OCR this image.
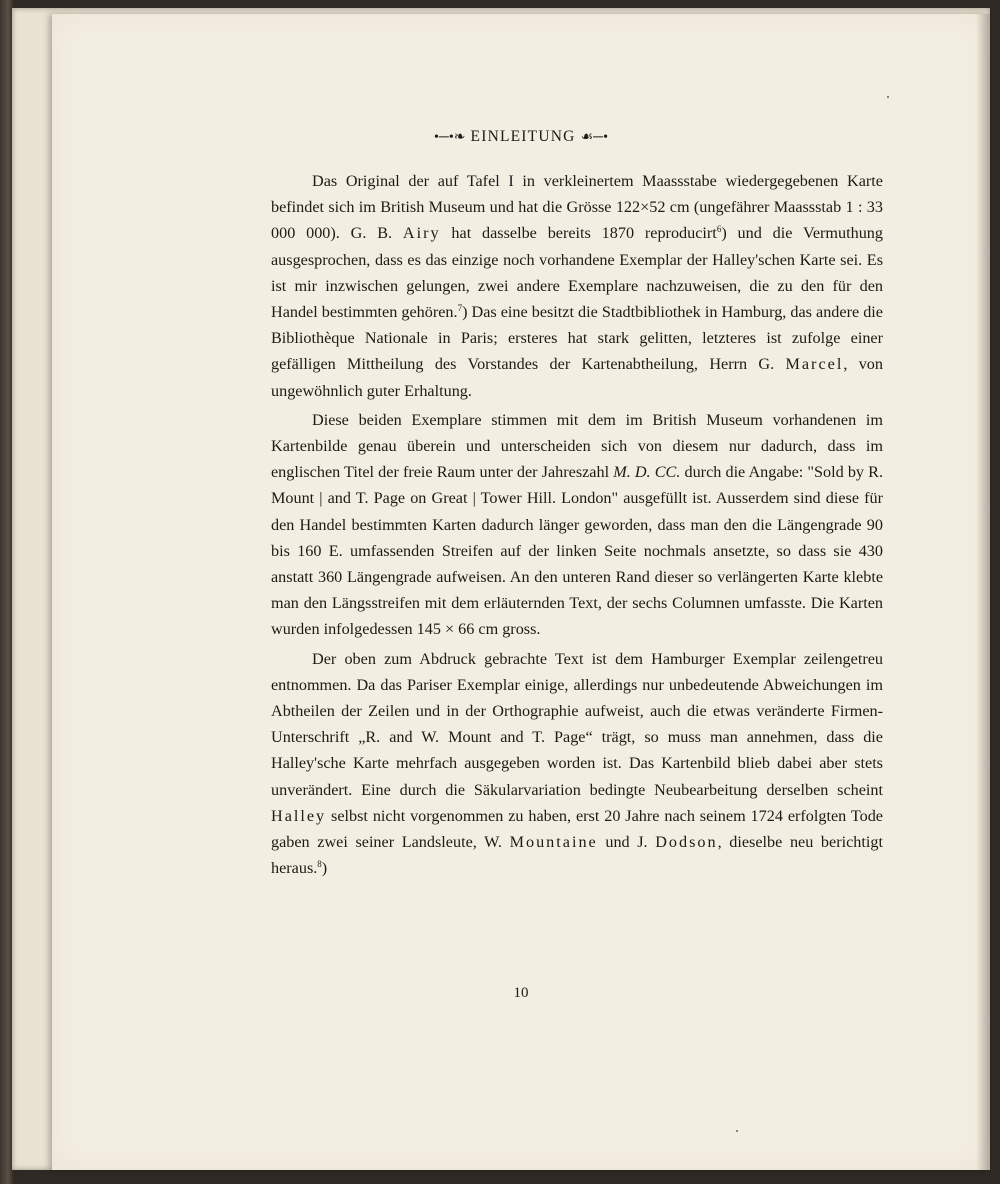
•─•❧ EINLEITUNG ☙─•

Das Original der auf Tafel I in verkleinertem Maassstabe wiedergegebenen Karte befindet sich im British Museum und hat die Grösse 122×52 cm (ungefährer Maassstab 1 : 33 000 000). G. B. Airy hat dasselbe bereits 1870 reproducirt$^6$) und die Vermuthung ausgesprochen, dass es das einzige noch vorhandene Exemplar der Halley'schen Karte sei. Es ist mir inzwischen gelungen, zwei andere Exemplare nachzuweisen, die zu den für den Handel bestimmten gehören.$^7$) Das eine besitzt die Stadtbibliothek in Hamburg, das andere die Bibliothèque Nationale in Paris; ersteres hat stark gelitten, letzteres ist zufolge einer gefälligen Mittheilung des Vorstandes der Kartenabtheilung, Herrn G. Marcel, von ungewöhnlich guter Erhaltung.

Diese beiden Exemplare stimmen mit dem im British Museum vorhandenen im Kartenbilde genau überein und unterscheiden sich von diesem nur dadurch, dass im englischen Titel der freie Raum unter der Jahreszahl M. D. CC. durch die Angabe: "Sold by R. Mount | and T. Page on Great | Tower Hill. London" ausgefüllt ist. Ausserdem sind diese für den Handel bestimmten Karten dadurch länger geworden, dass man den die Längengrade 90 bis 160 E. umfassenden Streifen auf der linken Seite nochmals ansetzte, so dass sie 430 anstatt 360 Längengrade aufweisen. An den unteren Rand dieser so verlängerten Karte klebte man den Längsstreifen mit dem erläuternden Text, der sechs Columnen umfasste. Die Karten wurden infolgedessen 145 × 66 cm gross.

Der oben zum Abdruck gebrachte Text ist dem Hamburger Exemplar zeilengetreu entnommen. Da das Pariser Exemplar einige, allerdings nur unbedeutende Abweichungen im Abtheilen der Zeilen und in der Orthographie aufweist, auch die etwas veränderte Firmen-Unterschrift „R. and W. Mount and T. Page“ trägt, so muss man annehmen, dass die Halley'sche Karte mehrfach ausgegeben worden ist. Das Kartenbild blieb dabei aber stets unverändert. Eine durch die Säkularvariation bedingte Neubearbeitung derselben scheint Halley selbst nicht vorgenommen zu haben, erst 20 Jahre nach seinem 1724 erfolgten Tode gaben zwei seiner Landsleute, W. Mountaine und J. Dodson, dieselbe neu berichtigt heraus.$^8$)

10
